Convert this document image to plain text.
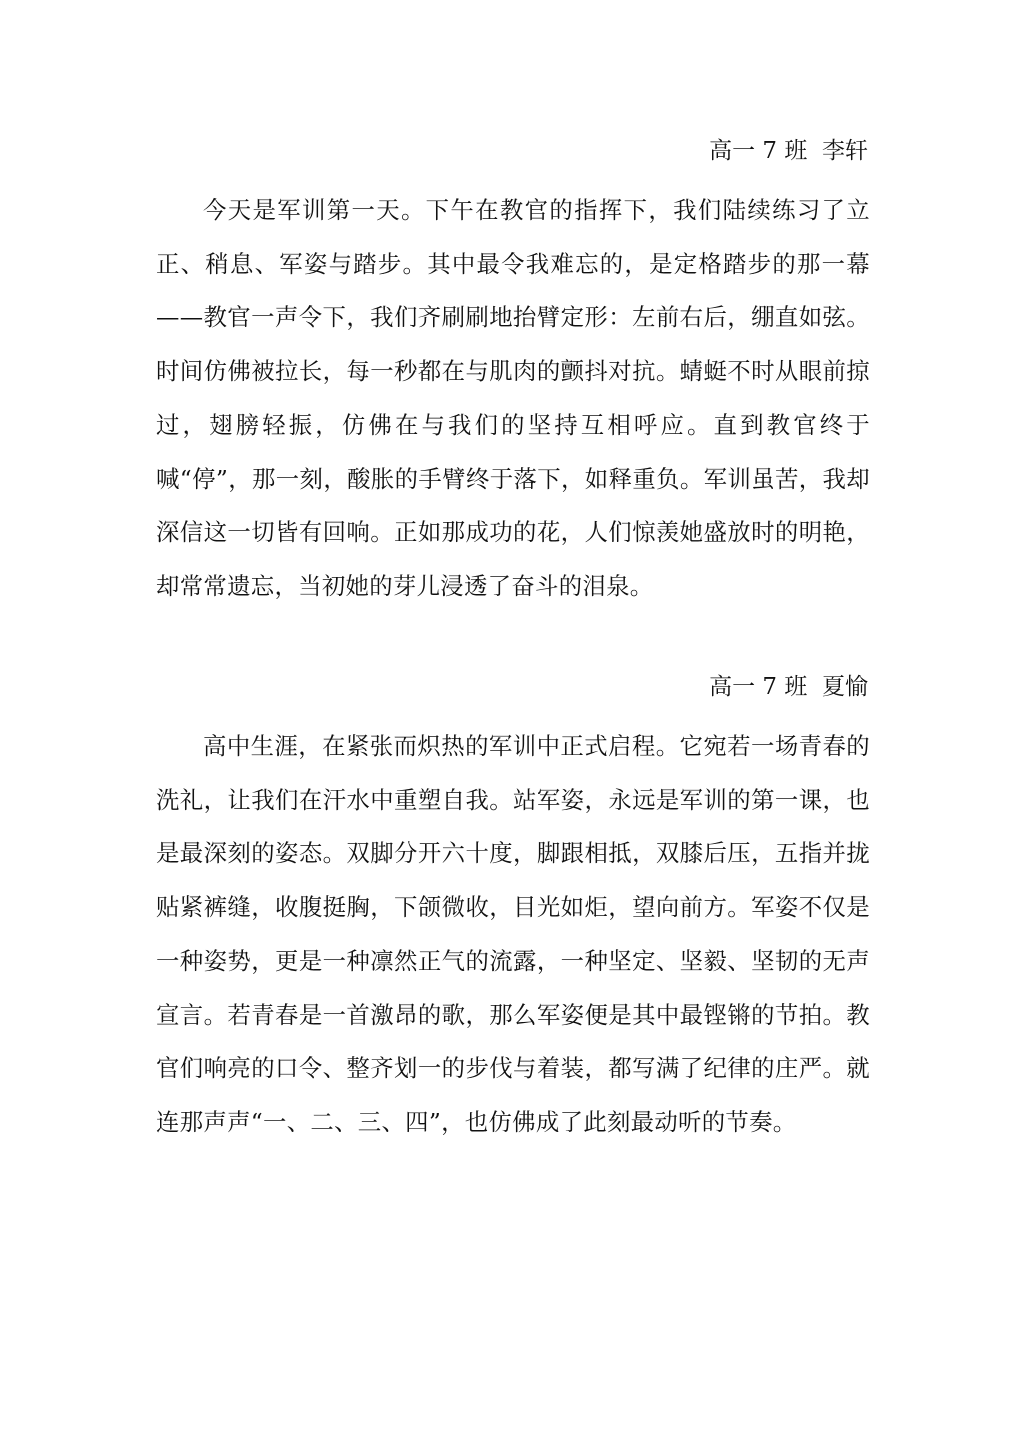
高一 7 班  李轩

今天是军训第一天。下午在教官的指挥下，我们陆续练习了立正、稍息、军姿与踏步。其中最令我难忘的，是定格踏步的那一幕——教官一声令下，我们齐刷刷地抬臂定形：左前右后，绷直如弦。时间仿佛被拉长，每一秒都在与肌肉的颤抖对抗。蜻蜓不时从眼前掠过，翅膀轻振，仿佛在与我们的坚持互相呼应。直到教官终于喊“停”，那一刻，酸胀的手臂终于落下，如释重负。军训虽苦，我却深信这一切皆有回响。正如那成功的花，人们惊羡她盛放时的明艳，却常常遗忘，当初她的芽儿浸透了奋斗的泪泉。

高一 7 班  夏愉

高中生涯，在紧张而炽热的军训中正式启程。它宛若一场青春的洗礼，让我们在汗水中重塑自我。站军姿，永远是军训的第一课，也是最深刻的姿态。双脚分开六十度，脚跟相抵，双膝后压，五指并拢贴紧裤缝，收腹挺胸，下颌微收，目光如炬，望向前方。军姿不仅是一种姿势，更是一种凛然正气的流露，一种坚定、坚毅、坚韧的无声宣言。若青春是一首激昂的歌，那么军姿便是其中最铿锵的节拍。教官们响亮的口令、整齐划一的步伐与着装，都写满了纪律的庄严。就连那声声“一、二、三、四”，也仿佛成了此刻最动听的节奏。
